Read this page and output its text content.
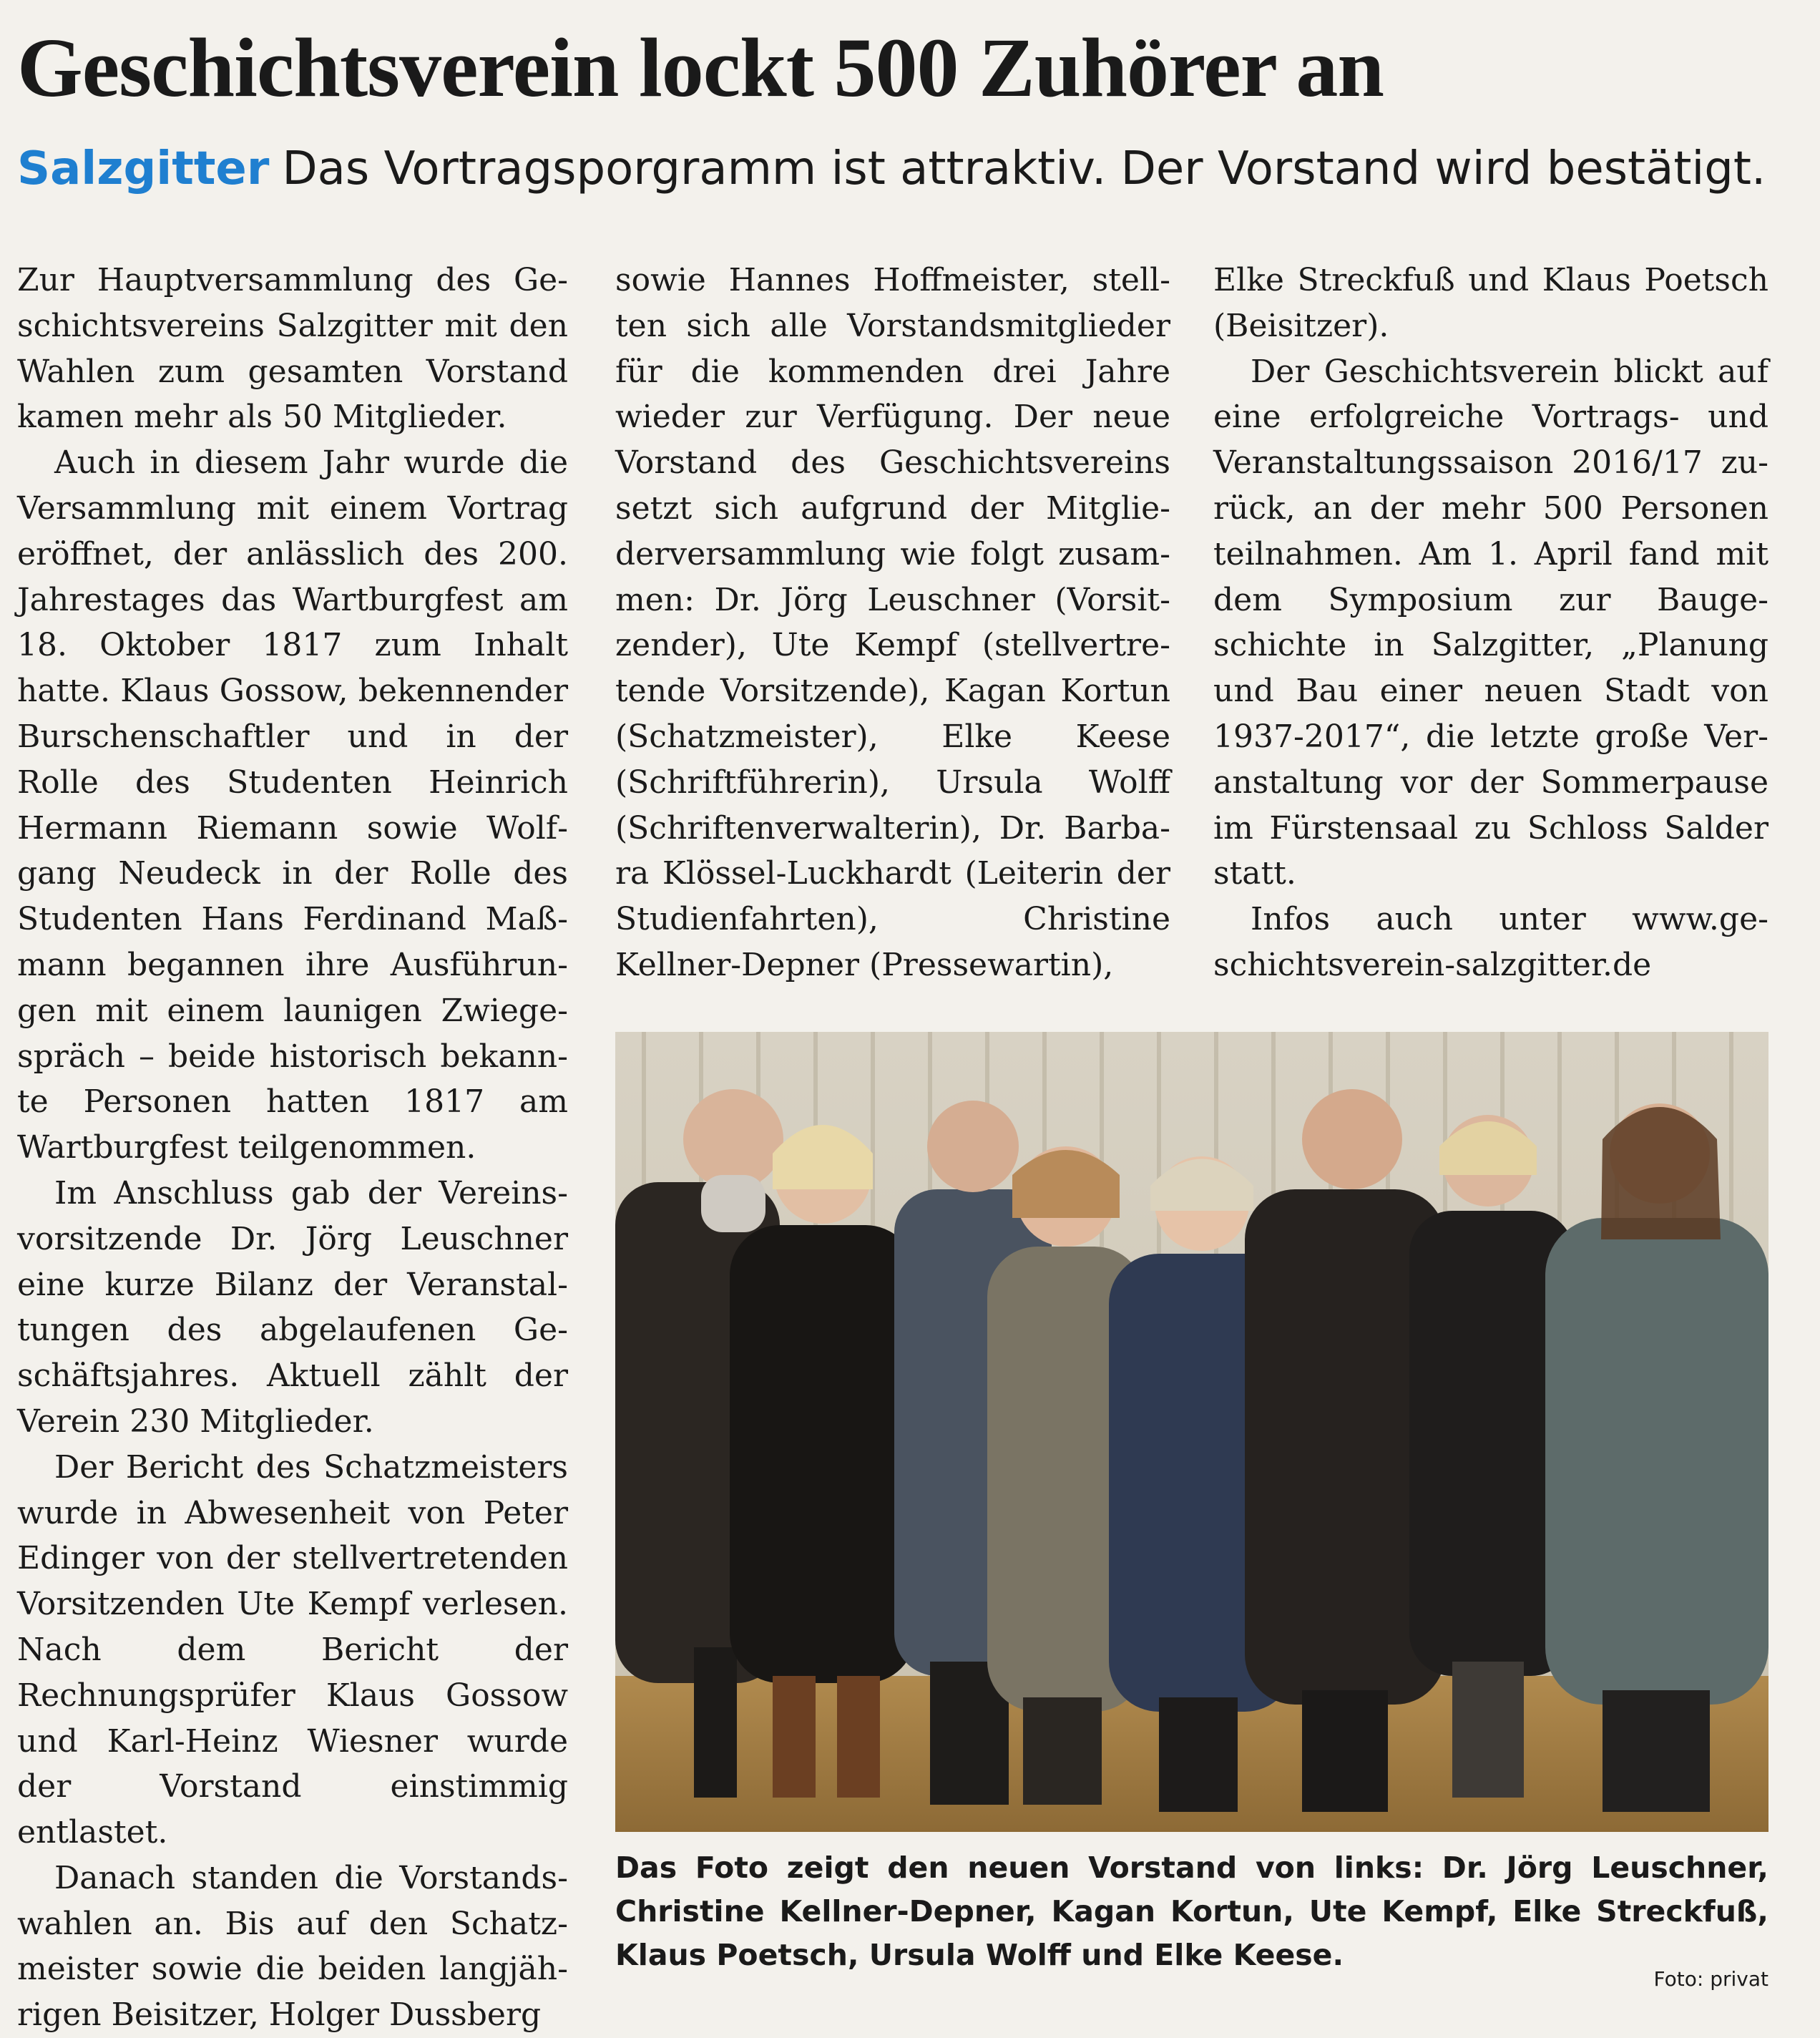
Geschichtsverein lockt 500 Zuhörer an
Salzgitter Das Vortragsporgramm ist attraktiv. Der Vorstand wird bestätigt.

Zur Hauptversammlung des Geschichtsvereins Salzgitter mit den Wahlen zum gesamten Vorstand kamen mehr als 50 Mitglieder.

Auch in diesem Jahr wurde die Versammlung mit einem Vortrag eröffnet, der anlässlich des 200. Jahrestages das Wartburgfest am 18. Oktober 1817 zum Inhalt hatte. Klaus Gossow, bekennender Burschenschaftler und in der Rolle des Studenten Heinrich Hermann Riemann sowie Wolfgang Neudeck in der Rolle des Studenten Hans Ferdinand Maßmann begannen ihre Ausführungen mit einem launigen Zwiegespräch – beide historisch bekannte Personen hatten 1817 am Wartburgfest teilgenommen.

Im Anschluss gab der Vereinsvorsitzende Dr. Jörg Leuschner eine kurze Bilanz der Veranstaltungen des abgelaufenen Geschäftsjahres. Aktuell zählt der Verein 230 Mitglieder.

Der Bericht des Schatzmeisters wurde in Abwesenheit von Peter Edinger von der stellvertretenden Vorsitzenden Ute Kempf verlesen. Nach dem Bericht der Rechnungsprüfer Klaus Gossow und Karl-Heinz Wiesner wurde der Vorstand einstimmig entlastet.

Danach standen die Vorstandswahlen an. Bis auf den Schatzmeister sowie die beiden langjährigen Beisitzer, Holger Dussberg

sowie Hannes Hoffmeister, stellten sich alle Vorstandsmitglieder für die kommenden drei Jahre wieder zur Verfügung. Der neue Vorstand des Geschichtsvereins setzt sich aufgrund der Mitgliederversammlung wie folgt zusammen: Dr. Jörg Leuschner (Vorsitzender), Ute Kempf (stellvertretende Vorsitzende), Kagan Kortun (Schatzmeister), Elke Keese (Schriftführerin), Ursula Wolff (Schriftenverwalterin), Dr. Barbara Klössel-Luckhardt (Leiterin der Studienfahrten), Christine Kellner-Depner (Pressewartin),

Elke Streckfuß und Klaus Poetsch (Beisitzer).

Der Geschichtsverein blickt auf eine erfolgreiche Vortrags- und Veranstaltungssaison 2016/17 zurück, an der mehr 500 Personen teilnahmen. Am 1. April fand mit dem Symposium zur Baugeschichte in Salzgitter, „Planung und Bau einer neuen Stadt von 1937-2017“, die letzte große Veranstaltung vor der Sommerpause im Fürstensaal zu Schloss Salder statt.

Infos auch unter www.geschichtsverein-salzgitter.de

Das Foto zeigt den neuen Vorstand von links: Dr. Jörg Leuschner, Christine Kellner-Depner, Kagan Kortun, Ute Kempf, Elke Streckfuß, Klaus Poetsch, Ursula Wolff und Elke Keese.
Foto: privat
